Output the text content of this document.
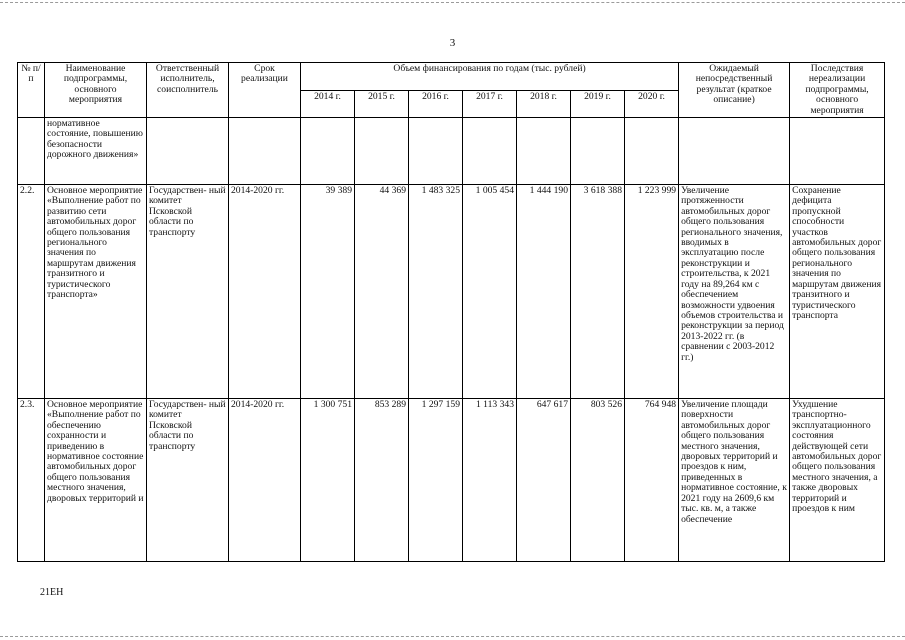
3
№ п/п	Наименование подпрограммы, основного мероприятия	Ответственный исполнитель, соисполнитель	Срок реализации	Объем финансирования по годам (тыс. рублей)							Ожидаемый непосредственный результат (краткое описание)	Последствия нереализации подпрограммы, основного мероприятия
				2014 г.	2015 г.	2016 г.	2017 г.	2018 г.	2019 г.	2020 г.		
	нормативное состояние, повышению безопасности дорожного движения»											
2.2.	Основное мероприятие «Выполнение работ по развитию сети автомобильных дорог общего пользования регионального значения по маршрутам движения транзитного и туристического транспорта»	Государствен- ный комитет Псковской области по транспорту	2014-2020 гг.	39 389	44 369	1 483 325	1 005 454	1 444 190	3 618 388	1 223 999	Увеличение протяженности автомобильных дорог общего пользования регионального значения, вводимых в эксплуатацию после реконструкции и строительства, к 2021 году на 89,264 км с обеспечением возможности удвоения объемов строительства и реконструкции за период 2013-2022 гг. (в сравнении с 2003-2012 гг.)	Сохранение дефицита пропускной способности участков автомобильных дорог общего пользования регионального значения по маршрутам движения транзитного и туристического транспорта
2.3.	Основное мероприятие «Выполнение работ по обеспечению сохранности и приведению в нормативное состояние автомобильных дорог общего пользования местного значения, дворовых территорий и	Государствен- ный комитет Псковской области по транспорту	2014-2020 гг.	1 300 751	853 289	1 297 159	1 113 343	647 617	803 526	764 948	Увеличение площади поверхности автомобильных дорог общего пользования местного значения, дворовых территорий и проездов к ним, приведенных в нормативное состояние, к 2021 году на 2609,6 км тыс. кв. м, а также обеспечение	Ухудшение транспортно-эксплуатационного состояния действующей сети автомобильных дорог общего пользования местного значения, а также дворовых территорий и проездов к ним
21EH
